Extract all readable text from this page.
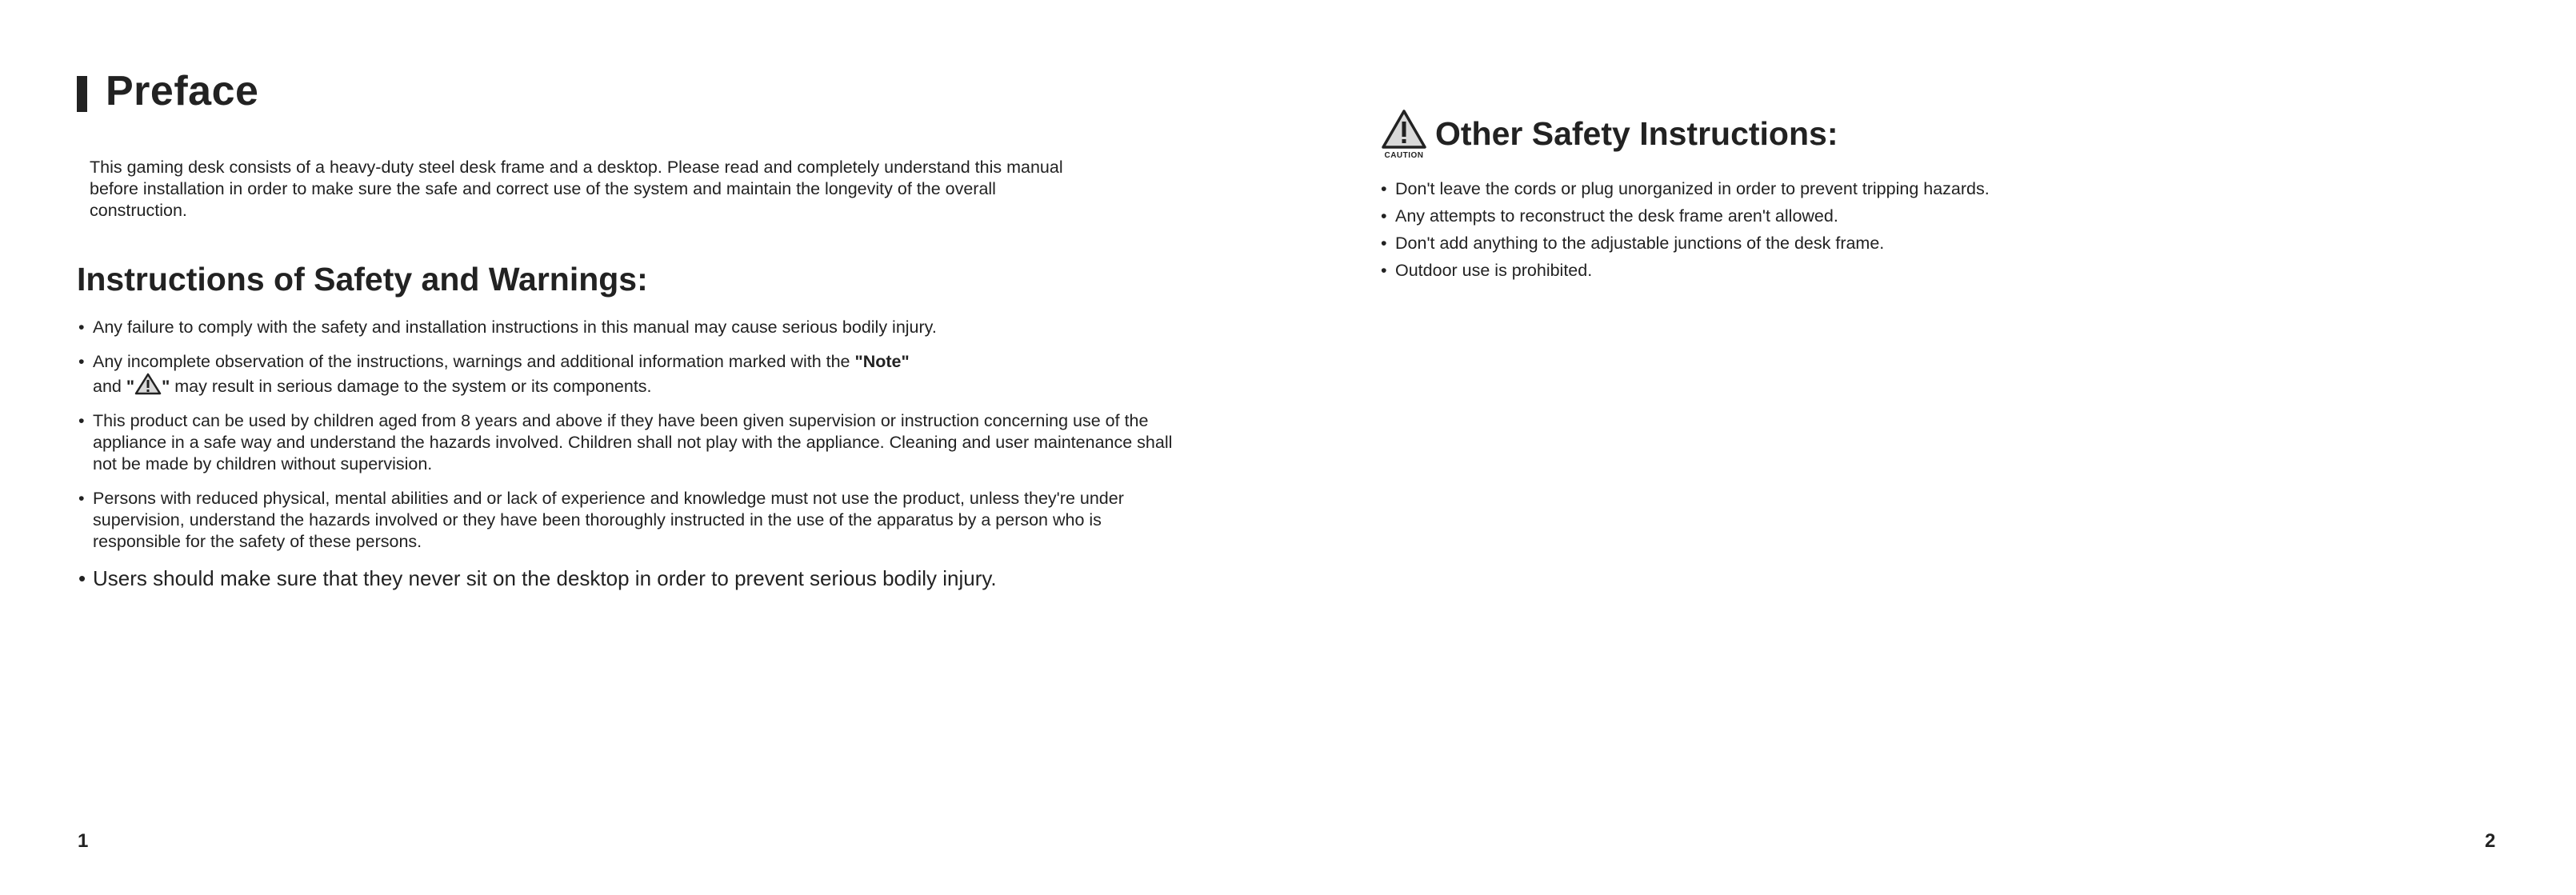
Preface

This gaming desk consists of a heavy-duty steel desk frame and a desktop. Please read and completely understand this manual before installation in order to make sure the safe and correct use of the system and maintain the longevity of the overall construction.

Instructions of Safety and Warnings:
• Any failure to comply with the safety and installation instructions in this manual may cause serious bodily injury.
• Any incomplete observation of the instructions, warnings and additional information marked with the "Note"
and " " may result in serious damage to the system or its components.
• This product can be used by children aged from 8 years and above if they have been given supervision or instruction concerning use of the appliance in a safe way and understand the hazards involved. Children shall not play with the appliance. Cleaning and user maintenance shall not be made by children without supervision.
• Persons with reduced physical, mental abilities and or lack of experience and knowledge must not use the product, unless they're under supervision, understand the hazards involved or they have been thoroughly instructed in the use of the apparatus by a person who is responsible for the safety of these persons.
• Users should make sure that they never sit on the desktop in order to prevent serious bodily injury.
1
CAUTION
Other Safety Instructions:
• Don't leave the cords or plug unorganized in order to prevent tripping hazards.
• Any attempts to reconstruct the desk frame aren't allowed.
• Don't add anything to the adjustable junctions of the desk frame.
• Outdoor use is prohibited.
2
